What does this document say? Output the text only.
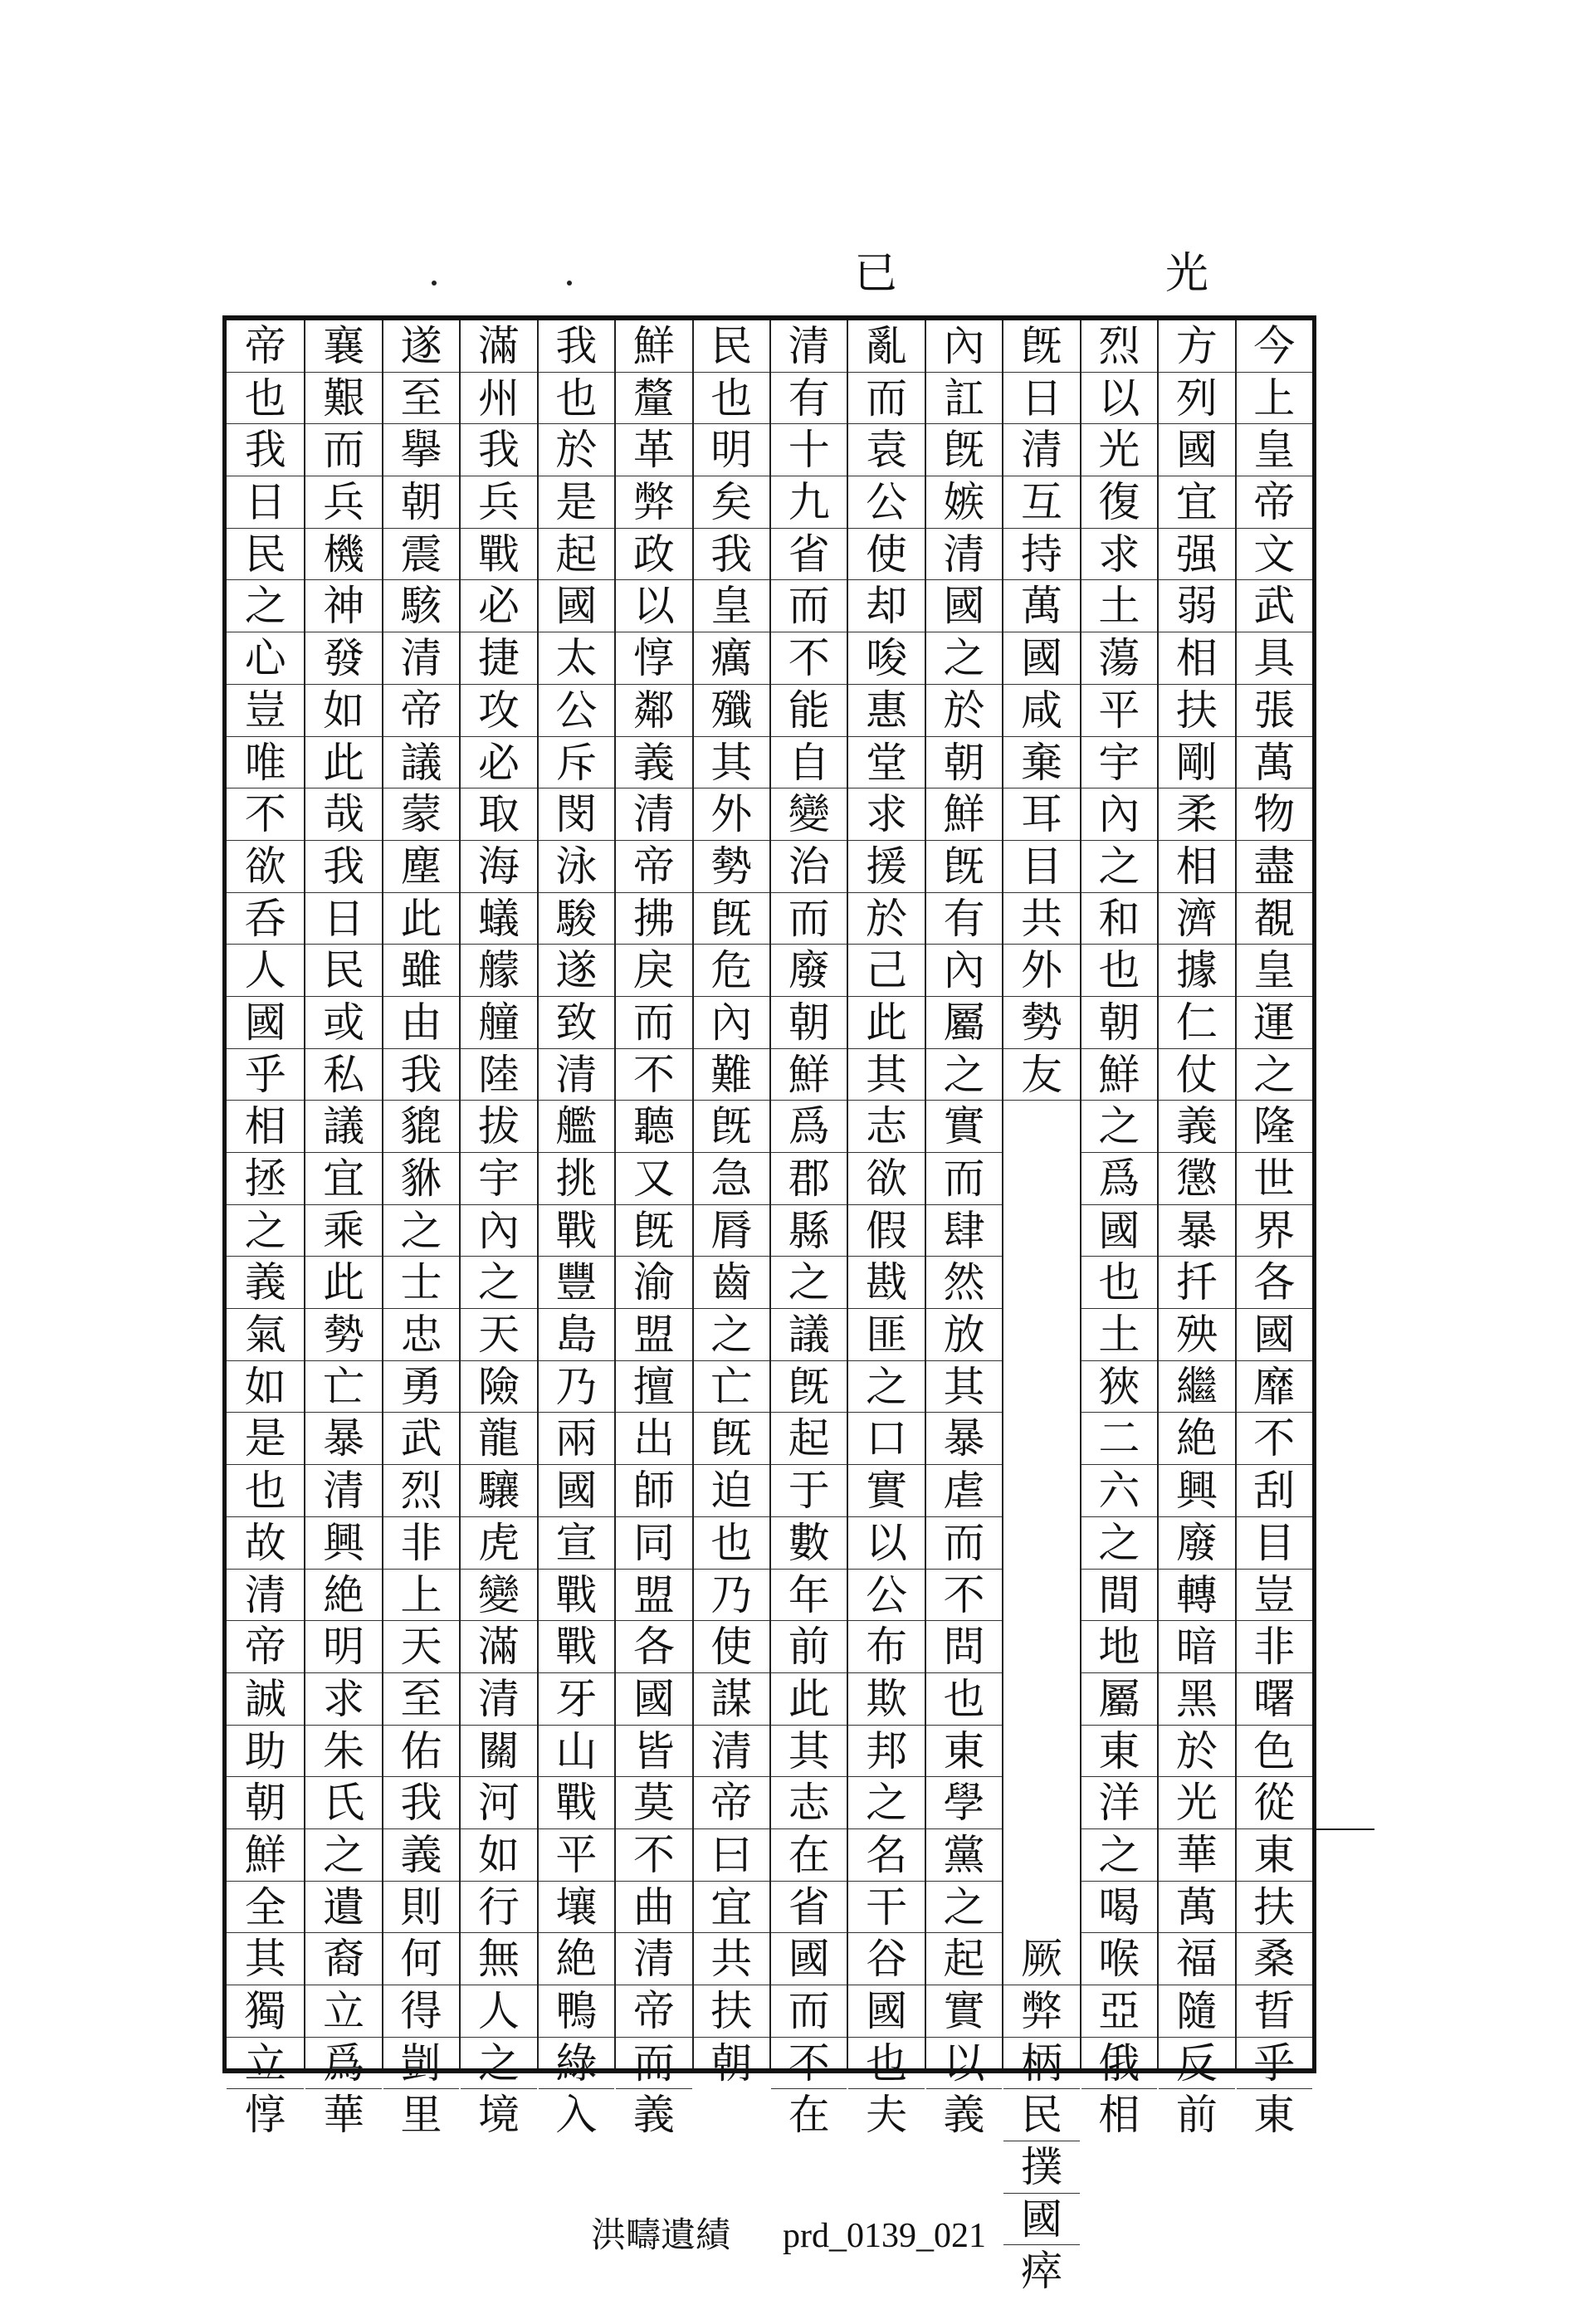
光
已
今
上
皇
帝
文
武
具
張
萬
物
盡
覩
皇
運
之
隆
世
界
各
國
靡
不
刮
目
豈
非
曙
色
從
東
扶
桑
晢
乎
東
方
列
國
宜
强
弱
相
扶
剛
柔
相
濟
據
仁
仗
義
懲
暴
扦
殃
繼
絶
興
廢
轉
暗
黑
於
光
華
萬
福
隨
反
前
烈
以
光
復
求
土
蕩
平
宇
內
之
和
也
朝
鮮
之
爲
國
也
土
狹
二
六
之
間
地
屬
東
洋
之
喝
喉
亞
俄
相
旣
日
清
互
持
萬
國
咸
棄
耳
目
共
外
勢
友

厥
弊
柄
民
撲
國
瘁
內
訌
旣
嫉
清
國
之
於
朝
鮮
旣
有
內
屬
之
實
而
肆
然
放
其
暴
虐
而
不
問
也
東
學
黨
之
起
實
以
義
亂
而
袁
公
使
却
唆
惠
堂
求
援
於
己
此
其
志
欲
假
戡
匪
之
口
實
以
公
布
欺
邦
之
名
干
谷
國
也
夫
清
有
十
九
省
而
不
能
自
變
治
而
廢
朝
鮮
爲
郡
縣
之
議
旣
起
于
數
年
前
此
其
志
在
省
國
而
不
在
民
也
明
矣
我
皇
癘
殲
其
外
勢
旣
危
內
難
旣
急
脣
齒
之
亡
旣
迫
也
乃
使
謀
清
帝
曰
宜
共
扶
朝
鮮
釐
革
弊
政
以
惇
鄰
義
清
帝
拂
戾
而
不
聽
又
旣
渝
盟
擅
出
師
同
盟
各
國
皆
莫
不
曲
清
帝
而
義
我
也
於
是
起
國
太
公
斥
閔
泳
駿
遂
致
清
艦
挑
戰
豐
島
乃
兩
國
宣
戰
戰
牙
山
戰
平
壤
絶
鴨
綠
入
滿
州
我
兵
戰
必
捷
攻
必
取
海
蟻
艨
艟
陸
拔
宇
內
之
天
險
龍
驤
虎
變
滿
清
關
河
如
行
無
人
之
境
遂
至
擧
朝
震
駭
清
帝
議
蒙
塵
此
雖
由
我
貔
貅
之
士
忠
勇
武
烈
非
上
天
至
佑
我
義
則
何
得
剴
里
襄
艱
而
兵
機
神
發
如
此
哉
我
日
民
或
私
議
宜
乘
此
勢
亡
暴
清
興
絶
明
求
朱
氏
之
遺
裔
立
爲
華
帝
也
我
日
民
之
心
豈
唯
不
欲
呑
人
國
乎
相
拯
之
義
氣
如
是
也
故
清
帝
誠
助
朝
鮮
全
其
獨
立
惇
洪疇遺績 prd_0139_021
